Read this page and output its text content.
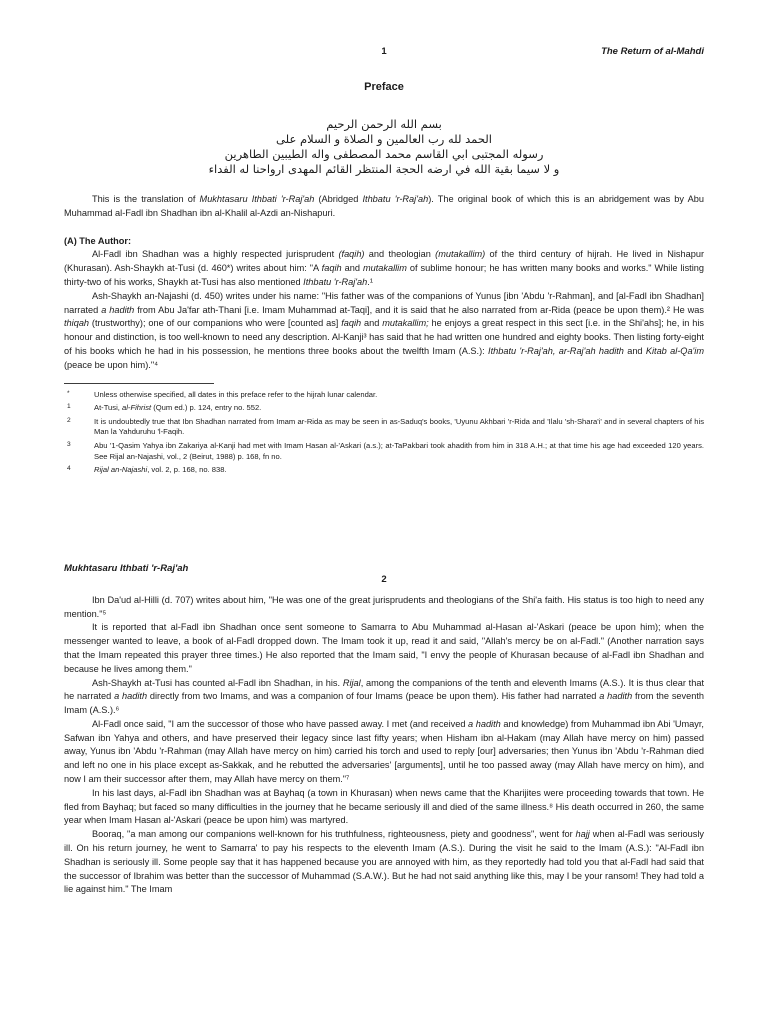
1	The Return of al-Mahdi
Preface
بسم الله الرحمن الرحيم
الحمد لله رب العالمين و الصلاة و السلام على
رسوله المجتبى ابي القاسم محمد المصطفى واله الطيبين الطاهرين
و لا سيما بقية الله في ارضه الحجة المنتظر القائم المهدى ارواحنا له الفداء

This is the translation of Mukhtasaru Ithbati 'r-Raj'ah (Abridged Ithbatu 'r-Raj'ah). The original book of which this is an abridgement was by Abu Muhammad al-Fadl ibn Shadhan ibn al-Khalil al-Azdi an-Nishapuri.

(A) The Author:

Al-Fadl ibn Shadhan was a highly respected jurisprudent (faqih) and theologian (mutakallim) of the third century of hijrah. He lived in Nishapur (Khurasan). Ash-Shaykh at-Tusi (d. 460*) writes about him: "A faqih and mutakallim of sublime honour; he has written many books and works." While listing thirty-two of his works, Shaykh at-Tusi has also mentioned Ithbatu 'r-Raj'ah.¹

Ash-Shaykh an-Najashi (d. 450) writes under his name: "His father was of the companions of Yunus [ibn 'Abdu 'r-Rahman], and [al-Fadl ibn Shadhan] narrated a hadith from Abu Ja'far ath-Thani [i.e. Imam Muhammad at-Taqi], and it is said that he also narrated from ar-Rida (peace be upon them).² He was thiqah (trustworthy); one of our companions who were [counted as] faqih and mutakallim; he enjoys a great respect in this sect [i.e. in the Shi'ahs]; he, in his honour and distinction, is too well-known to need any description. Al-Kanji³ has said that he had written one hundred and eighty books. Then listing forty-eight of his books which he had in his possession, he mentions three books about the twelfth Imam (A.S.): Ithbatu 'r-Raj'ah, ar-Raj'ah hadith and Kitab al-Qa'im (peace be upon him)."⁴

*	Unless otherwise specified, all dates in this preface refer to the hijrah lunar calendar.
1	At-Tusi, al-Fihrist (Qum ed.) p. 124, entry no. 552.
2	It is undoubtedly true that Ibn Shadhan narrated from Imam ar-Rida as may be seen in as-Saduq's books, 'Uyunu Akhbari 'r-Rida and 'Ilalu 'sh-Shara'i' and in several chapters of his Man la Yahduruhu 'l-Faqih.
3	Abu '1-Qasim Yahya ibn Zakariya al-Kanji had met with Imam Hasan al-'Askari (a.s.); at-TaPakbari took ahadith from him in 318 A.H.; at that time his age had exceeded 120 years. See Rijal an-Najashi, vol., 2 (Beirut, 1988) p. 168, fn no.
4	Rijal an-Najashi, vol. 2, p. 168, no. 838.
Mukhtasaru Ithbati 'r-Raj'ah
2

Ibn Da'ud al-Hilli (d. 707) writes about him, "He was one of the great jurisprudents and theologians of the Shi'a faith. His status is too high to need any mention."⁵

It is reported that al-Fadl ibn Shadhan once sent someone to Samarra to Abu Muhammad al-Hasan al-'Askari (peace be upon him); when the messenger wanted to leave, a book of al-Fadl dropped down. The Imam took it up, read it and said, "Allah's mercy be on al-Fadl." (Another narration says that the Imam repeated this prayer three times.) He also reported that the Imam said, "I envy the people of Khurasan because of al-Fadl ibn Shadhan and because he lives among them."

Ash-Shaykh at-Tusi has counted al-Fadl ibn Shadhan, in his. Rijal, among the companions of the tenth and eleventh Imams (A.S.). It is thus clear that he narrated a hadith directly from two Imams, and was a companion of four Imams (peace be upon them). His father had narrated a hadith from the seventh Imam (A.S.).⁶

Al-Fadl once said, "I am the successor of those who have passed away. I met (and received a hadith and knowledge) from Muhammad ibn Abi 'Umayr, Safwan ibn Yahya and others, and have preserved their legacy since last fifty years; when Hisham ibn al-Hakam (may Allah have mercy on him) passed away, Yunus ibn 'Abdu 'r-Rahman (may Allah have mercy on him) carried his torch and used to reply [our] adversaries; then Yunus ibn 'Abdu 'r-Rahman died and left no one in his place except as-Sakkak, and he rebutted the adversaries' [arguments], until he too passed away (may Allah have mercy on him), and now I am their successor after them, may Allah have mercy on them."⁷

In his last days, al-Fadl ibn Shadhan was at Bayhaq (a town in Khurasan) when news came that the Kharijites were proceeding towards that town. He fled from Bayhaq; but faced so many difficulties in the journey that he became seriously ill and died of the same illness.⁸ His death occurred in 260, the same year when Imam Hasan al-'Askari (peace be upon him) was martyred.

Booraq, "a man among our companions well-known for his truthfulness, righteousness, piety and goodness", went for hajj when al-Fadl was seriously ill. On his return journey, he went to Samarra' to pay his respects to the eleventh Imam (A.S.). During the visit he said to the Imam (A.S.): "Al-Fadl ibn Shadhan is seriously ill. Some people say that it has happened because you are annoyed with him, as they reportedly had told you that al-Fadl had said that the successor of Ibrahim was better than the successor of Muhammad (S.A.W.). But he had not said anything like this, may I be your ransom! They had told a lie against him." The Imam
